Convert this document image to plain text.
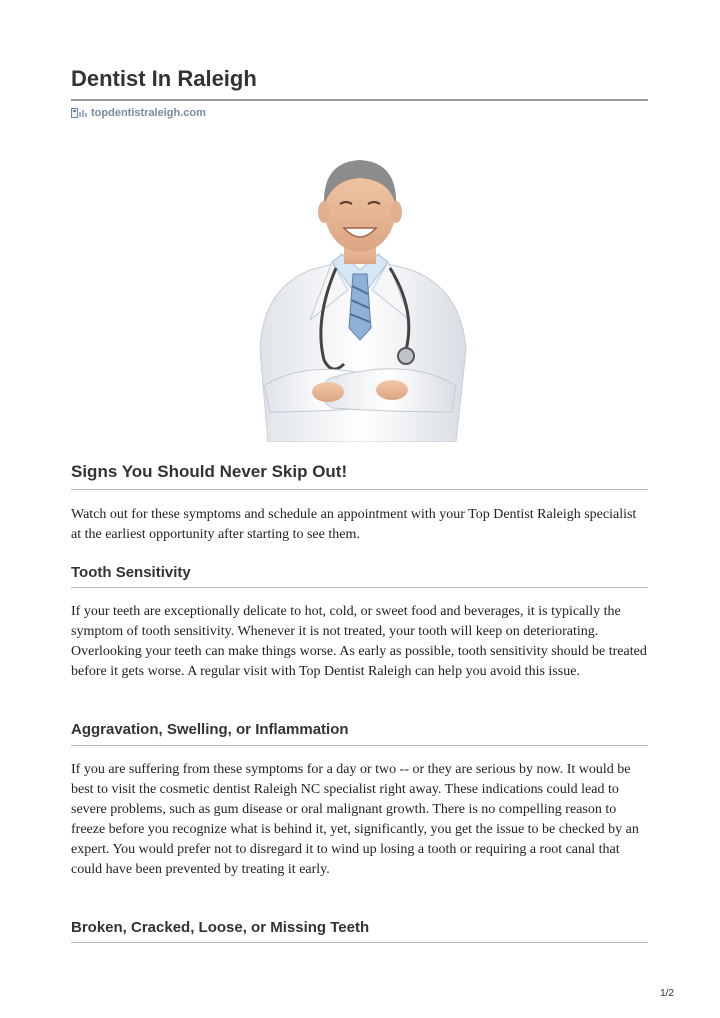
Dentist In Raleigh
topdentistraleigh.com
Signs You Should Never Skip Out!

Watch out for these symptoms and schedule an appointment with your Top Dentist Raleigh specialist at the earliest opportunity after starting to see them.

Tooth Sensitivity

If your teeth are exceptionally delicate to hot, cold, or sweet food and beverages, it is typically the symptom of tooth sensitivity. Whenever it is not treated, your tooth will keep on deteriorating. Overlooking your teeth can make things worse. As early as possible, tooth sensitivity should be treated before it gets worse. A regular visit with Top Dentist Raleigh can help you avoid this issue.

Aggravation, Swelling, or Inflammation

If you are suffering from these symptoms for a day or two -- or they are serious by now. It would be best to visit the cosmetic dentist Raleigh NC specialist right away. These indications could lead to severe problems, such as gum disease or oral malignant growth. There is no compelling reason to freeze before you recognize what is behind it, yet, significantly, you get the issue to be checked by an expert. You would prefer not to disregard it to wind up losing a tooth or requiring a root canal that could have been prevented by treating it early.

Broken, Cracked, Loose, or Missing Teeth
1/2
